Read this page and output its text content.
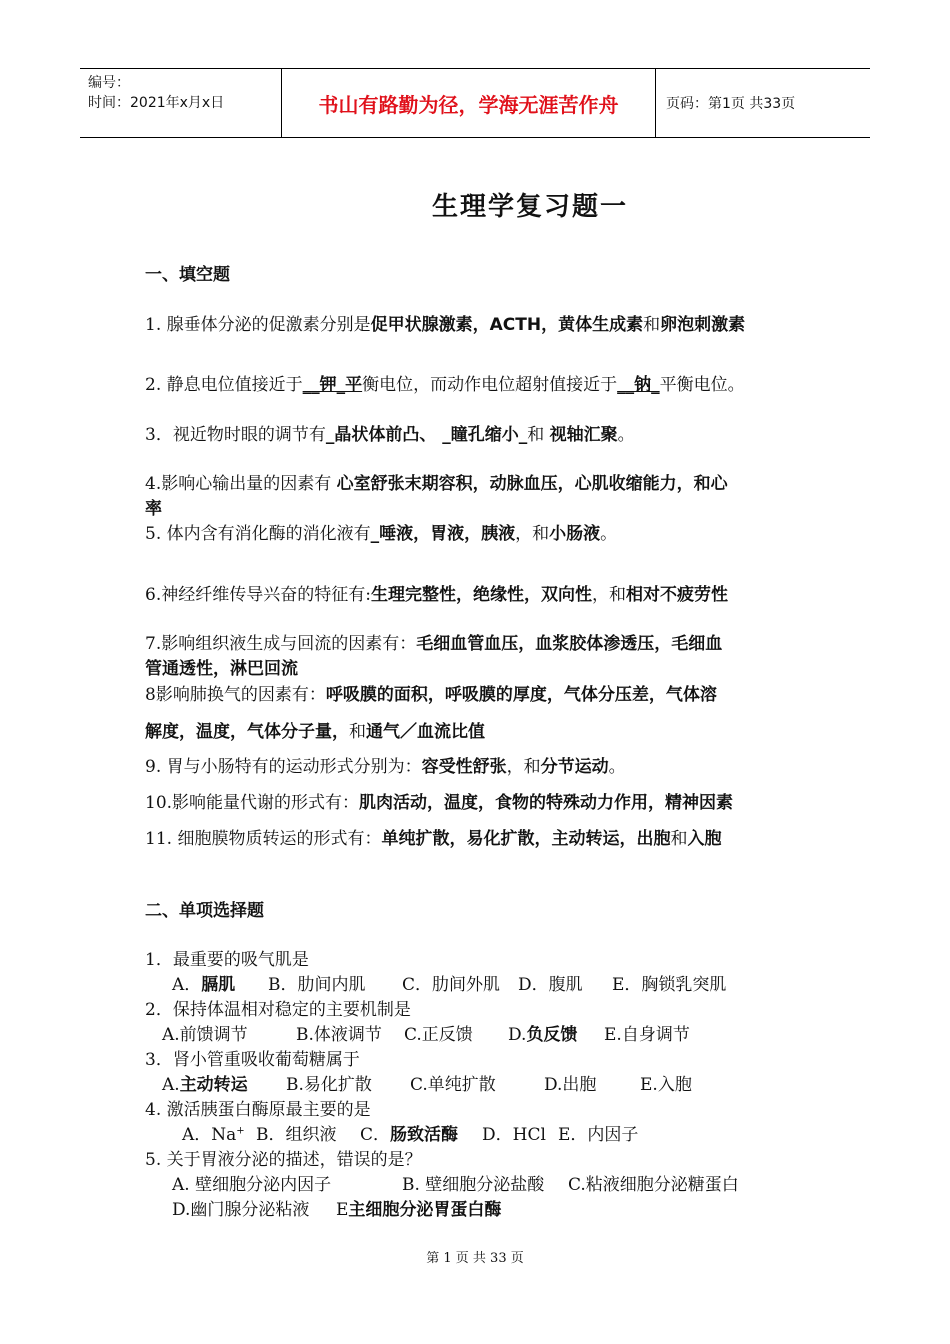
编号：
时间：2021年x月x日	书山有路勤为径，学海无涯苦作舟	页码：第1页 共33页
生理学复习题一
一、填空题
1. 腺垂体分泌的促激素分别是促甲状腺激素，ACTH，黄体生成素和卵泡刺激素
2. 静息电位值接近于__钾_平衡电位，而动作电位超射值接近于__钠_平衡电位。
3．视近物时眼的调节有_晶状体前凸、 _瞳孔缩小_和 视轴汇聚。
4.影响心输出量的因素有 心室舒张末期容积，动脉血压，心肌收缩能力，和心
率
5. 体内含有消化酶的消化液有_唾液，胃液，胰液，和小肠液。
6.神经纤维传导兴奋的特征有:生理完整性，绝缘性，双向性，和相对不疲劳性
7.影响组织液生成与回流的因素有：毛细血管血压，血浆胶体渗透压，毛细血
管通透性，淋巴回流
8影响肺换气的因素有：呼吸膜的面积，呼吸膜的厚度，气体分压差，气体溶
解度，温度，气体分子量，和通气／血流比值
9. 胃与小肠特有的运动形式分别为：容受性舒张，和分节运动。
10.影响能量代谢的形式有：肌肉活动，温度，食物的特殊动力作用，精神因素
11. 细胞膜物质转运的形式有：单纯扩散，易化扩散，主动转运，出胞和入胞
二、单项选择题
1．最重要的吸气肌是
A．膈肌 B．肋间内肌 C．肋间外肌 D．腹肌 E．胸锁乳突肌
2．保持体温相对稳定的主要机制是
A.前馈调节	B.体液调节 C.正反馈 D.负反馈 E.自身调节
3．肾小管重吸收葡萄糖属于
A.主动转运 B.易化扩散 C.单纯扩散	D.出胞	E.入胞
4. 激活胰蛋白酶原最主要的是
A．Na+ B．组织液 C．肠致活酶 D．HCl E．内因子
5. 关于胃液分泌的描述，错误的是？
A. 壁细胞分泌内因子	B. 壁细胞分泌盐酸 C.粘液细胞分泌糖蛋白
D.幽门腺分泌粘液 E主细胞分泌胃蛋白酶
第 1 页 共 33 页
